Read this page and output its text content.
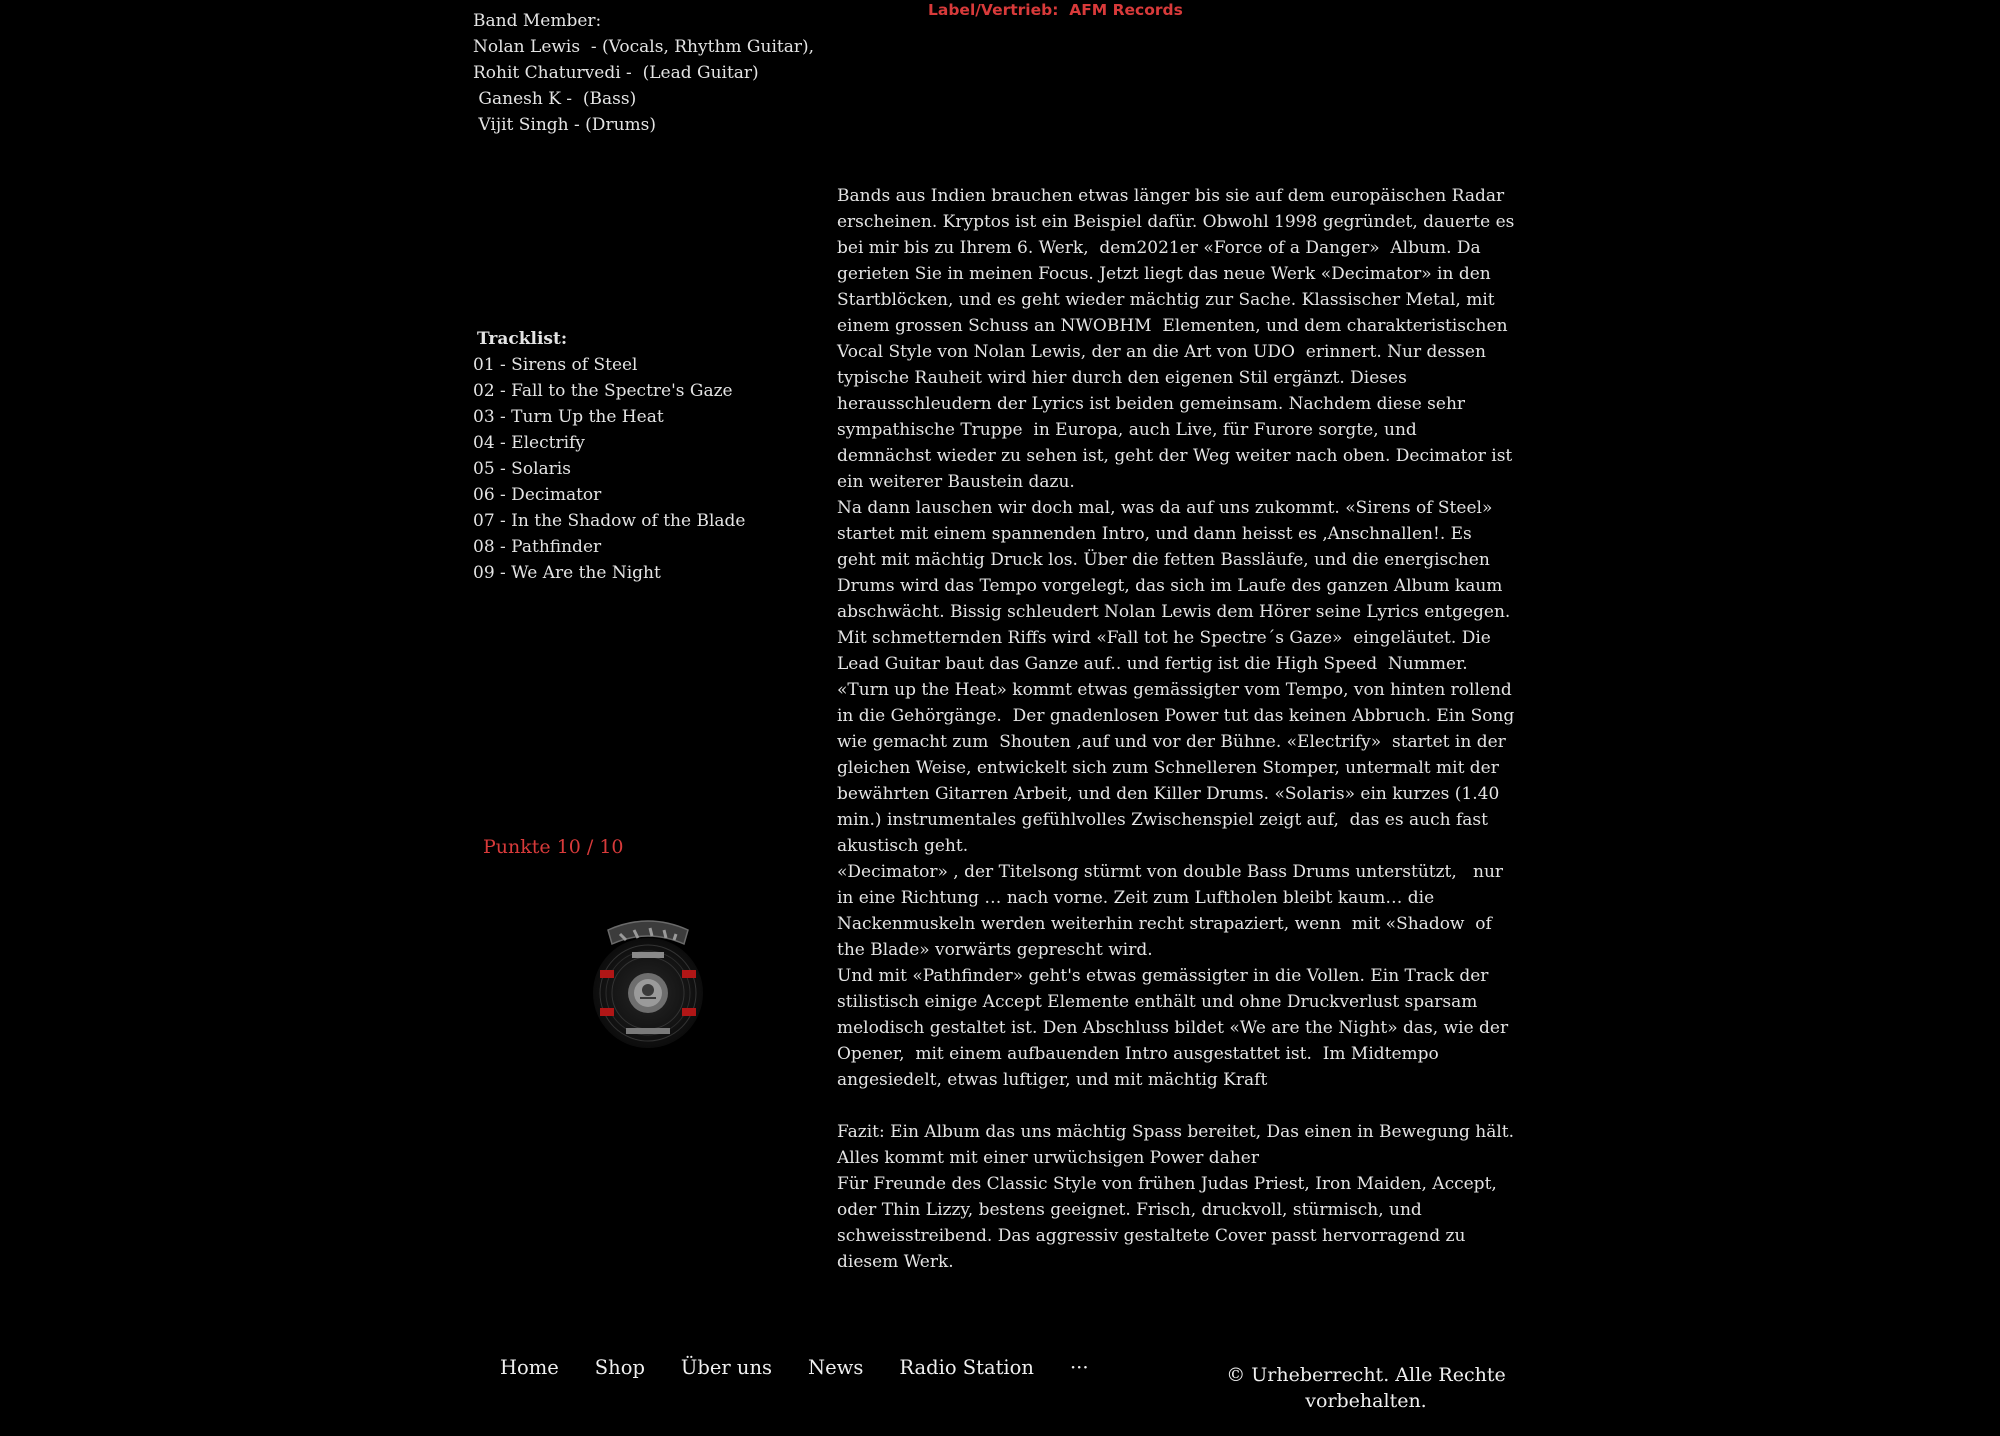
Label/Vertrieb:  AFM Records
Band Member:
Nolan Lewis  - (Vocals, Rhythm Guitar),
Rohit Chaturvedi -  (Lead Guitar)
Ganesh K -  (Bass)
Vijit Singh - (Drums)
Tracklist:
01 - Sirens of Steel
02 - Fall to the Spectre's Gaze
03 - Turn Up the Heat
04 - Electrify
05 - Solaris
06 - Decimator
07 - In the Shadow of the Blade
08 - Pathfinder
09 - We Are the Night
Punkte 10 / 10
Bands aus Indien brauchen etwas länger bis sie auf dem europäischen Radar
erscheinen. Kryptos ist ein Beispiel dafür. Obwohl 1998 gegründet, dauerte es
bei mir bis zu Ihrem 6. Werk,  dem2021er «Force of a Danger»  Album. Da
gerieten Sie in meinen Focus. Jetzt liegt das neue Werk «Decimator» in den
Startblöcken, und es geht wieder mächtig zur Sache. Klassischer Metal, mit
einem grossen Schuss an NWOBHM  Elementen, und dem charakteristischen
Vocal Style von Nolan Lewis, der an die Art von UDO  erinnert. Nur dessen
typische Rauheit wird hier durch den eigenen Stil ergänzt. Dieses
herausschleudern der Lyrics ist beiden gemeinsam. Nachdem diese sehr
sympathische Truppe  in Europa, auch Live, für Furore sorgte, und
demnächst wieder zu sehen ist, geht der Weg weiter nach oben. Decimator ist
ein weiterer Baustein dazu.
Na dann lauschen wir doch mal, was da auf uns zukommt. «Sirens of Steel»
startet mit einem spannenden Intro, und dann heisst es ‚Anschnallen!. Es
geht mit mächtig Druck los. Über die fetten Bassläufe, und die energischen
Drums wird das Tempo vorgelegt, das sich im Laufe des ganzen Album kaum
abschwächt. Bissig schleudert Nolan Lewis dem Hörer seine Lyrics entgegen.
Mit schmetternden Riffs wird «Fall tot he Spectre´s Gaze»  eingeläutet. Die
Lead Guitar baut das Ganze auf.. und fertig ist die High Speed  Nummer.
«Turn up the Heat» kommt etwas gemässigter vom Tempo, von hinten rollend
in die Gehörgänge.  Der gnadenlosen Power tut das keinen Abbruch. Ein Song
wie gemacht zum  Shouten ‚auf und vor der Bühne. «Electrify»  startet in der
gleichen Weise, entwickelt sich zum Schnelleren Stomper, untermalt mit der
bewährten Gitarren Arbeit, und den Killer Drums. «Solaris» ein kurzes (1.40
min.) instrumentales gefühlvolles Zwischenspiel zeigt auf,  das es auch fast
akustisch geht.
«Decimator» , der Titelsong stürmt von double Bass Drums unterstützt,   nur
in eine Richtung … nach vorne. Zeit zum Luftholen bleibt kaum… die
Nackenmuskeln werden weiterhin recht strapaziert, wenn  mit «Shadow  of
the Blade» vorwärts geprescht wird.
Und mit «Pathfinder» geht's etwas gemässigter in die Vollen. Ein Track der
stilistisch einige Accept Elemente enthält und ohne Druckverlust sparsam
melodisch gestaltet ist. Den Abschluss bildet «We are the Night» das, wie der
Opener,  mit einem aufbauenden Intro ausgestattet ist.  Im Midtempo
angesiedelt, etwas luftiger, und mit mächtig Kraft
Fazit: Ein Album das uns mächtig Spass bereitet, Das einen in Bewegung hält.
Alles kommt mit einer urwüchsigen Power daher
Für Freunde des Classic Style von frühen Judas Priest, Iron Maiden, Accept,
oder Thin Lizzy, bestens geeignet. Frisch, druckvoll, stürmisch, und
schweisstreibend. Das aggressiv gestaltete Cover passt hervorragend zu
diesem Werk.
Home Shop Über uns News Radio Station ···	© Urheberrecht. Alle Rechte
vorbehalten.
